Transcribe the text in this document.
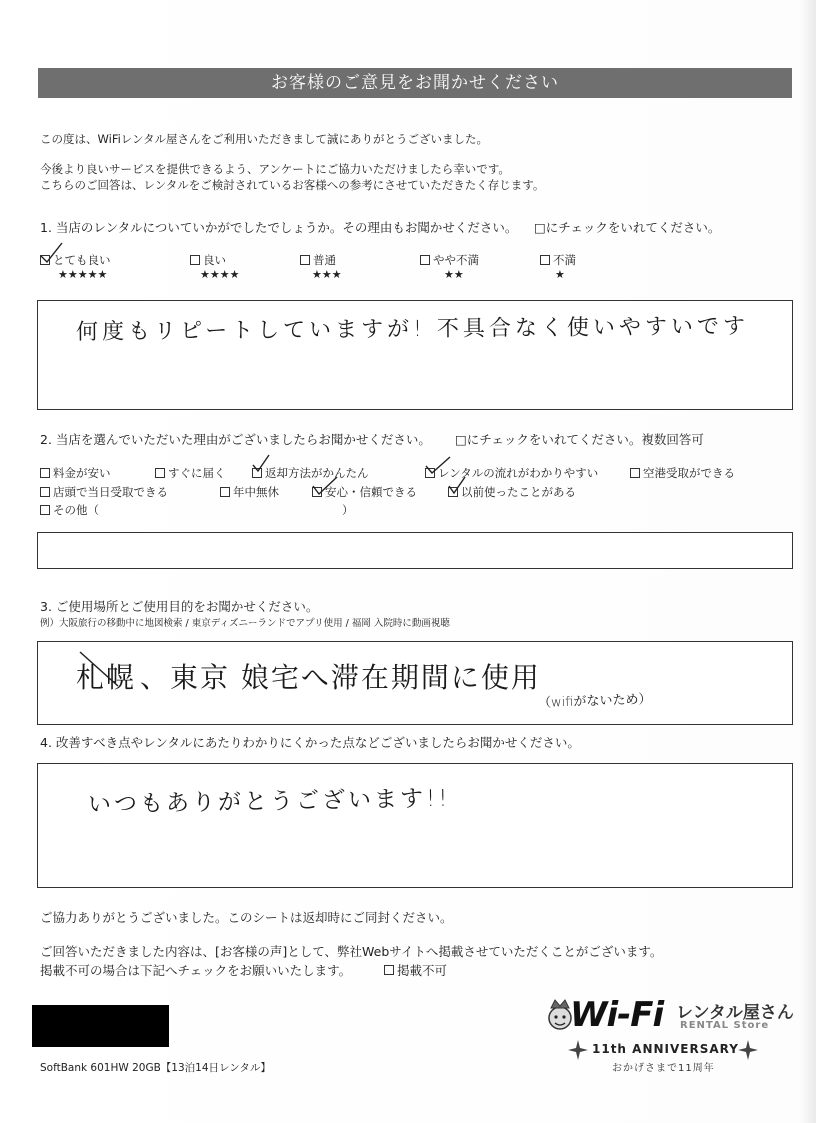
お客様のご意見をお聞かせください
この度は、WiFiレンタル屋さんをご利用いただきまして誠にありがとうございました。
今後より良いサービスを提供できるよう、アンケートにご協力いただけましたら幸いです。
こちらのご回答は、レンタルをご検討されているお客様への参考にさせていただきたく存じます。
1. 当店のレンタルについていかがでしたでしょうか。その理由もお聞かせください。 □にチェックをいれてください。
とても良い
★★★★★
良い
★★★★
普通
★★★
やや不満
★★
不満
★
何度もリピートしていますが! 不具合なく使いやすいです
2. 当店を選んでいただいた理由がございましたらお聞かせください。 □にチェックをいれてください。複数回答可
料金が安い	すぐに届く	返却方法がかんたん	レンタルの流れがわかりやすい	空港受取ができる
店頭で当日受取できる	年中無休	安心・信頼できる	以前使ったことがある
その他（	）
3. ご使用場所とご使用目的をお聞かせください。
例）大阪旅行の移動中に地図検索 / 東京ディズニーランドでアプリ使用 / 福岡 入院時に動画視聴
札幌 、東京 娘宅へ滞在期間に使用
（wifiがないため）
4. 改善すべき点やレンタルにあたりわかりにくかった点などございましたらお聞かせください。
いつもありがとうございます!!
ご協力ありがとうございました。このシートは返却時にご同封ください。
ご回答いただきました内容は、[お客様の声]として、弊社Webサイトへ掲載させていただくことがございます。
掲載不可の場合は下記へチェックをお願いいたします。	掲載不可
SoftBank 601HW 20GB【13泊14日レンタル】
Wi-Fi レンタル屋さん
RENTAL Store
11th ANNIVERSARY
おかげさまで11周年
